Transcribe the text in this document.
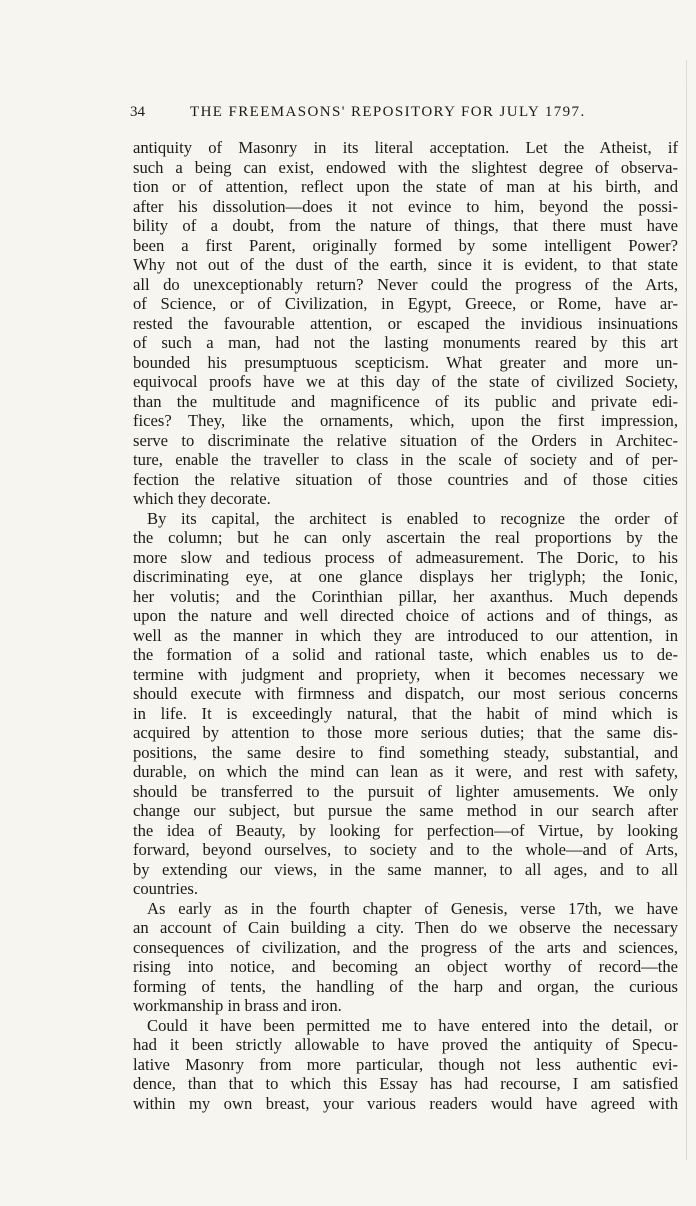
34	THE FREEMASONS' REPOSITORY FOR JULY 1797.
antiquity of Masonry in its literal acceptation. Let the Atheist, if
such a being can exist, endowed with the slightest degree of observa-
tion or of attention, reflect upon the state of man at his birth, and
after his dissolution—does it not evince to him, beyond the possi-
bility of a doubt, from the nature of things, that there must have
been a first Parent, originally formed by some intelligent Power?
Why not out of the dust of the earth, since it is evident, to that state
all do unexceptionably return? Never could the progress of the Arts,
of Science, or of Civilization, in Egypt, Greece, or Rome, have ar-
rested the favourable attention, or escaped the invidious insinuations
of such a man, had not the lasting monuments reared by this art
bounded his presumptuous scepticism. What greater and more un-
equivocal proofs have we at this day of the state of civilized Society,
than the multitude and magnificence of its public and private edi-
fices? They, like the ornaments, which, upon the first impression,
serve to discriminate the relative situation of the Orders in Architec-
ture, enable the traveller to class in the scale of society and of per-
fection the relative situation of those countries and of those cities
which they decorate.
By its capital, the architect is enabled to recognize the order of
the column; but he can only ascertain the real proportions by the
more slow and tedious process of admeasurement. The Doric, to his
discriminating eye, at one glance displays her triglyph; the Ionic,
her volutis; and the Corinthian pillar, her axanthus. Much depends
upon the nature and well directed choice of actions and of things, as
well as the manner in which they are introduced to our attention, in
the formation of a solid and rational taste, which enables us to de-
termine with judgment and propriety, when it becomes necessary we
should execute with firmness and dispatch, our most serious concerns
in life. It is exceedingly natural, that the habit of mind which is
acquired by attention to those more serious duties; that the same dis-
positions, the same desire to find something steady, substantial, and
durable, on which the mind can lean as it were, and rest with safety,
should be transferred to the pursuit of lighter amusements. We only
change our subject, but pursue the same method in our search after
the idea of Beauty, by looking for perfection—of Virtue, by looking
forward, beyond ourselves, to society and to the whole—and of Arts,
by extending our views, in the same manner, to all ages, and to all
countries.
As early as in the fourth chapter of Genesis, verse 17th, we have
an account of Cain building a city. Then do we observe the necessary
consequences of civilization, and the progress of the arts and sciences,
rising into notice, and becoming an object worthy of record—the
forming of tents, the handling of the harp and organ, the curious
workmanship in brass and iron.
Could it have been permitted me to have entered into the detail, or
had it been strictly allowable to have proved the antiquity of Specu-
lative Masonry from more particular, though not less authentic evi-
dence, than that to which this Essay has had recourse, I am satisfied
within my own breast, your various readers would have agreed with
